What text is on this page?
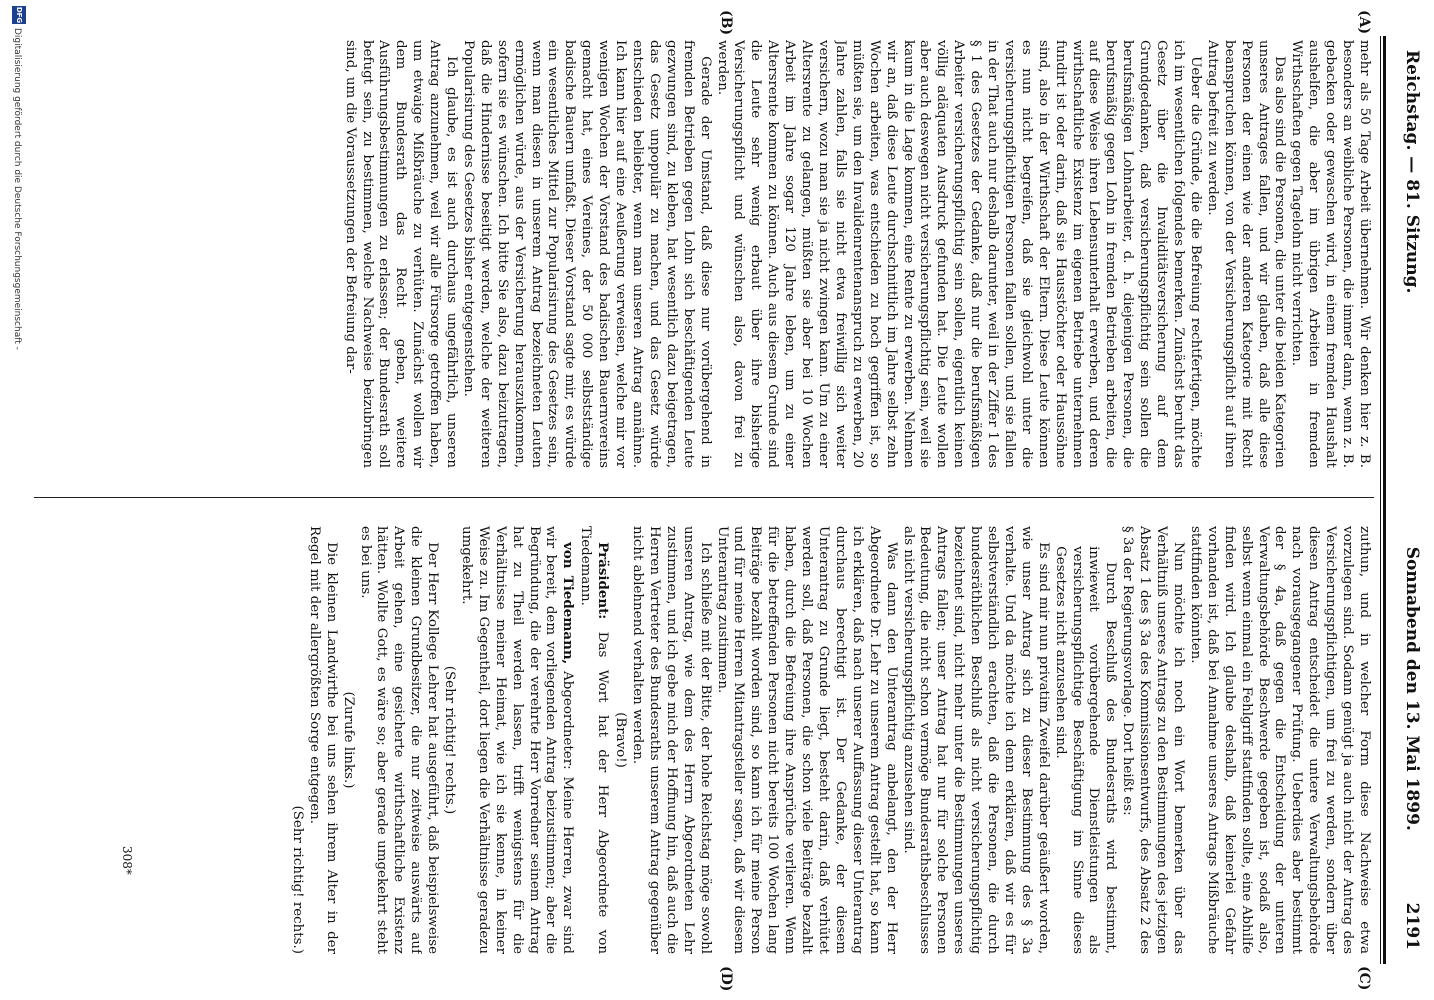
Reichstag. — 81. Sitzung.
Sonnabend den 13. Mai 1899.  2191
(A)
(B)
(C)
(D)

mehr als 50 Tage Arbeit übernehmen. Wir denken hier z. B. besonders an weibliche Personen, die immer dann, wenn z. B. gebacken oder gewaschen wird, in einem fremden Haushalt aushelfen, die aber im übrigen Arbeiten in fremden Wirthschaften gegen Tagelohn nicht verrichten.

Das also sind die Personen, die unter die beiden Kategorien unseres Antrages fallen, und wir glauben, daß alle diese Personen der einen wie der anderen Kategorie mit Recht beanspruchen können, von der Versicherungspflicht auf ihren Antrag befreit zu werden.

Ueber die Gründe, die die Befreiung rechtfertigen, möchte ich im wesentlichen folgendes bemerken. Zunächst beruht das Gesetz über die Invaliditätsversicherung auf dem Grundgedanken, daß versicherungspflichtig sein sollen die berufsmäßigen Lohnarbeiter, d. h. diejenigen Personen, die berufsmäßig gegen Lohn in fremden Betrieben arbeiten, die auf diese Weise ihren Lebensunterhalt erwerben, und deren wirthschaftliche Existenz im eigenen Betriebe unternehmen fundirt ist oder darin, daß sie Hausstöchter oder Haussöhne sind, also in der Wirthschaft der Eltern. Diese Leute können es nun nicht begreifen, daß sie gleichwohl unter die versicherungspflichtigen Personen fallen sollen, und sie fallen in der That auch nur deshalb darunter, weil in der Ziffer 1 des § 1 des Gesetzes der Gedanke, daß nur die berufsmäßigen Arbeiter versicherungspflichtig sein sollen, eigentlich keinen völlig adäquaten Ausdruck gefunden hat. Die Leute wollen aber auch deswegen nicht versicherungspflichtig sein, weil sie kaum in die Lage kommen, eine Rente zu erwerben. Nehmen wir an, daß diese Leute durchschnittlich im Jahre selbst zehn Wochen arbeiten, was entschieden zu hoch gegriffen ist, so müßten sie, um den Invalidenrentenanspruch zu erwerben, 20 Jahre zahlen, falls sie nicht etwa freiwillig sich weiter versichern, wozu man sie ja nicht zwingen kann. Um zu einer Altersrente zu gelangen, müßten sie aber bei 10 Wochen Arbeit im Jahre sogar 120 Jahre leben, um zu einer Altersrente kommen zu können. Auch aus diesem Grunde sind die Leute sehr wenig erbaut über ihre bisherige Versicherungspflicht und wünschen also, davon frei zu werden.

Gerade der Umstand, daß diese nur vorübergehend in fremden Betrieben gegen Lohn sich beschäftigenden Leute gezwungen sind, zu kleben, hat wesentlich dazu beigetragen, das Gesetz unpopulär zu machen, und das Gesetz würde entschieden beliebter, wenn man unseren Antrag annähme. Ich kann hier auf eine Aeußerung verweisen, welche mir vor wenigen Wochen der Vorstand des badischen Bauernvereins gemacht hat, eines Vereines, der 50 000 selbstständige badische Bauern umfaßt. Dieser Vorstand sagte mir, es würde ein wesentliches Mittel zur Popularisirung des Gesetzes sein, wenn man diesen in unserem Antrag bezeichneten Leuten ermöglichen würde, aus der Versicherung herauszukommen, sofern sie es wünschen. Ich bitte Sie also, dazu beizutragen, daß die Hindernisse beseitigt werden, welche der weiteren Popularisirung des Gesetzes bisher entgegenstehen.

Ich glaube, es ist auch durchaus ungefährlich, unseren Antrag anzunehmen, weil wir alle Fürsorge getroffen haben, um etwaige Mißbräuche zu verhüten. Zunächst wollen wir dem Bundesrath das Recht geben, weitere Ausführungsbestimmungen zu erlassen; der Bundesrath soll befugt sein, zu bestimmen, welche Nachweise beizubringen sind, um die Voraussetzungen der Befreiung dar-

zuthun, und in welcher Form diese Nachweise etwa vorzulegen sind. Sodann genügt ja auch nicht der Antrag des Versicherungspflichtigen, um frei zu werden, sondern über diesen Antrag entscheidet die untere Verwaltungsbehörde nach vorausgegangener Prüfung. Ueberdies aber bestimmt der § 4a, daß gegen die Entscheidung der unteren Verwaltungsbehörde Beschwerde gegeben ist, sodaß also, selbst wenn einmal ein Fehlgriff stattfinden sollte, eine Abhilfe finden wird. Ich glaube deshalb, daß keinerlei Gefahr vorhanden ist, daß bei Annahme unseres Antrags Mißbräuche stattfinden könnten.

Nun möchte ich noch ein Wort bemerken über das Verhältniß unseres Antrags zu den Bestimmungen des jetzigen Absatz 1 des § 3a des Kommissionsentwurfs, des Absatz 2 des § 3a der Regierungsvorlage. Dort heißt es:

Durch Beschluß des Bundesraths wird bestimmt, inwieweit vorübergehende Dienstleistungen als versicherungspflichtige Beschäftigung im Sinne dieses Gesetzes nicht anzusehen sind.

Es sind mir nun privatim Zweifel darüber geäußert worden, wie unser Antrag sich zu dieser Bestimmung des § 3a verhalte. Und da möchte ich denn erklären, daß wir es für selbstverständlich erachten, daß die Personen, die durch bundesräthlichen Beschluß als nicht versicherungspflichtig bezeichnet sind, nicht mehr unter die Bestimmungen unseres Antrags fallen; unser Antrag hat nur für solche Personen Bedeutung, die nicht schon vermöge Bundesrathsbeschlusses als nicht versicherungspflichtig anzusehen sind.

Was dann den Unterantrag anbelangt, den der Herr Abgeordnete Dr. Lehr zu unserem Antrag gestellt hat, so kann ich erklären, daß nach unserer Auffassung dieser Unterantrag durchaus berechtigt ist. Der Gedanke, der diesem Unterantrag zu Grunde liegt, besteht darin, daß verhütet werden soll, daß Personen, die schon viele Beiträge bezahlt haben, durch die Befreiung ihre Ansprüche verlieren. Wenn für die betreffenden Personen nicht bereits 100 Wochen lang Beiträge bezahlt worden sind, so kann ich für meine Person und für meine Herren Mitantragsteller sagen, daß wir diesem Unterantrag zustimmen.

Ich schließe mit der Bitte, der hohe Reichstag möge sowohl unseren Antrag, wie dem des Herrn Abgeordneten Lehr zustimmen, und ich gebe mich der Hoffnung hin, daß auch die Herren Vertreter des Bundesraths unserem Antrag gegenüber nicht ablehnend verhalten werden.

(Bravo!)

Präsident: Das Wort hat der Herr Abgeordnete von Tiedemann.

von Tiedemann, Abgeordneter: Meine Herren, zwar sind wir bereit, dem vorliegenden Antrag beizustimmen; aber die Begründung, die der verehrte Herr Vorredner seinem Antrag hat zu Theil werden lassen, trifft wenigstens für die Verhältnisse meiner Heimat, wie ich sie kenne, in keiner Weise zu. Im Gegentheil, dort liegen die Verhältnisse geradezu umgekehrt.

(Sehr richtig! rechts.)

Der Herr Kollege Lehrer hat ausgeführt, daß beispielsweise die kleinen Grundbesitzer, die nur zeitweise auswärts auf Arbeit gehen, eine gesicherte wirthschaftliche Existenz hätten. Wollte Gott, es wäre so; aber gerade umgekehrt steht es bei uns.

(Zurufe links.)

Die kleinen Landwirthe bei uns sehen ihrem Alter in der Regel mit der allergrößten Sorge entgegen.

(Sehr richtig! rechts.)

308*
DFG
Digitalisierung gefördert durch die Deutsche Forschungsgemeinschaft -
